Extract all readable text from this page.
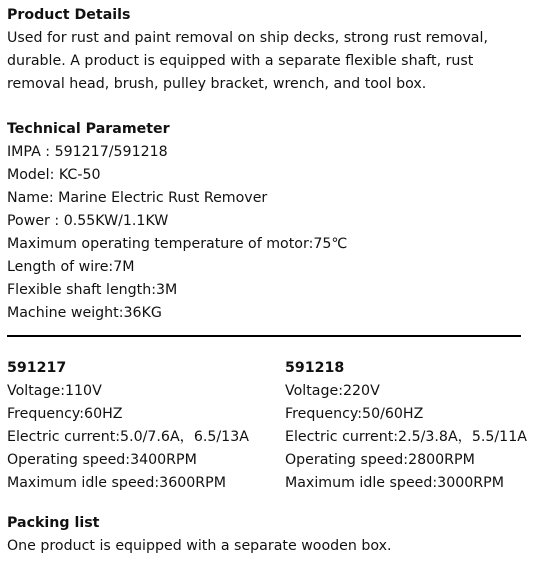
Product Details
Used for rust and paint removal on ship decks, strong rust removal,
durable. A product is equipped with a separate flexible shaft, rust
removal head, brush, pulley bracket, wrench, and tool box.
Technical Parameter
IMPA : 591217/591218
Model: KC-50
Name: Marine Electric Rust Remover
Power : 0.55KW/1.1KW
Maximum operating temperature of motor:75℃
Length of wire:7M
Flexible shaft length:3M
Machine weight:36KG
591217
Voltage:110V
Frequency:60HZ
Electric current:5.0/7.6A，6.5/13A
Operating speed:3400RPM
Maximum idle speed:3600RPM
591218
Voltage:220V
Frequency:50/60HZ
Electric current:2.5/3.8A，5.5/11A
Operating speed:2800RPM
Maximum idle speed:3000RPM
Packing list
One product is equipped with a separate wooden box.
